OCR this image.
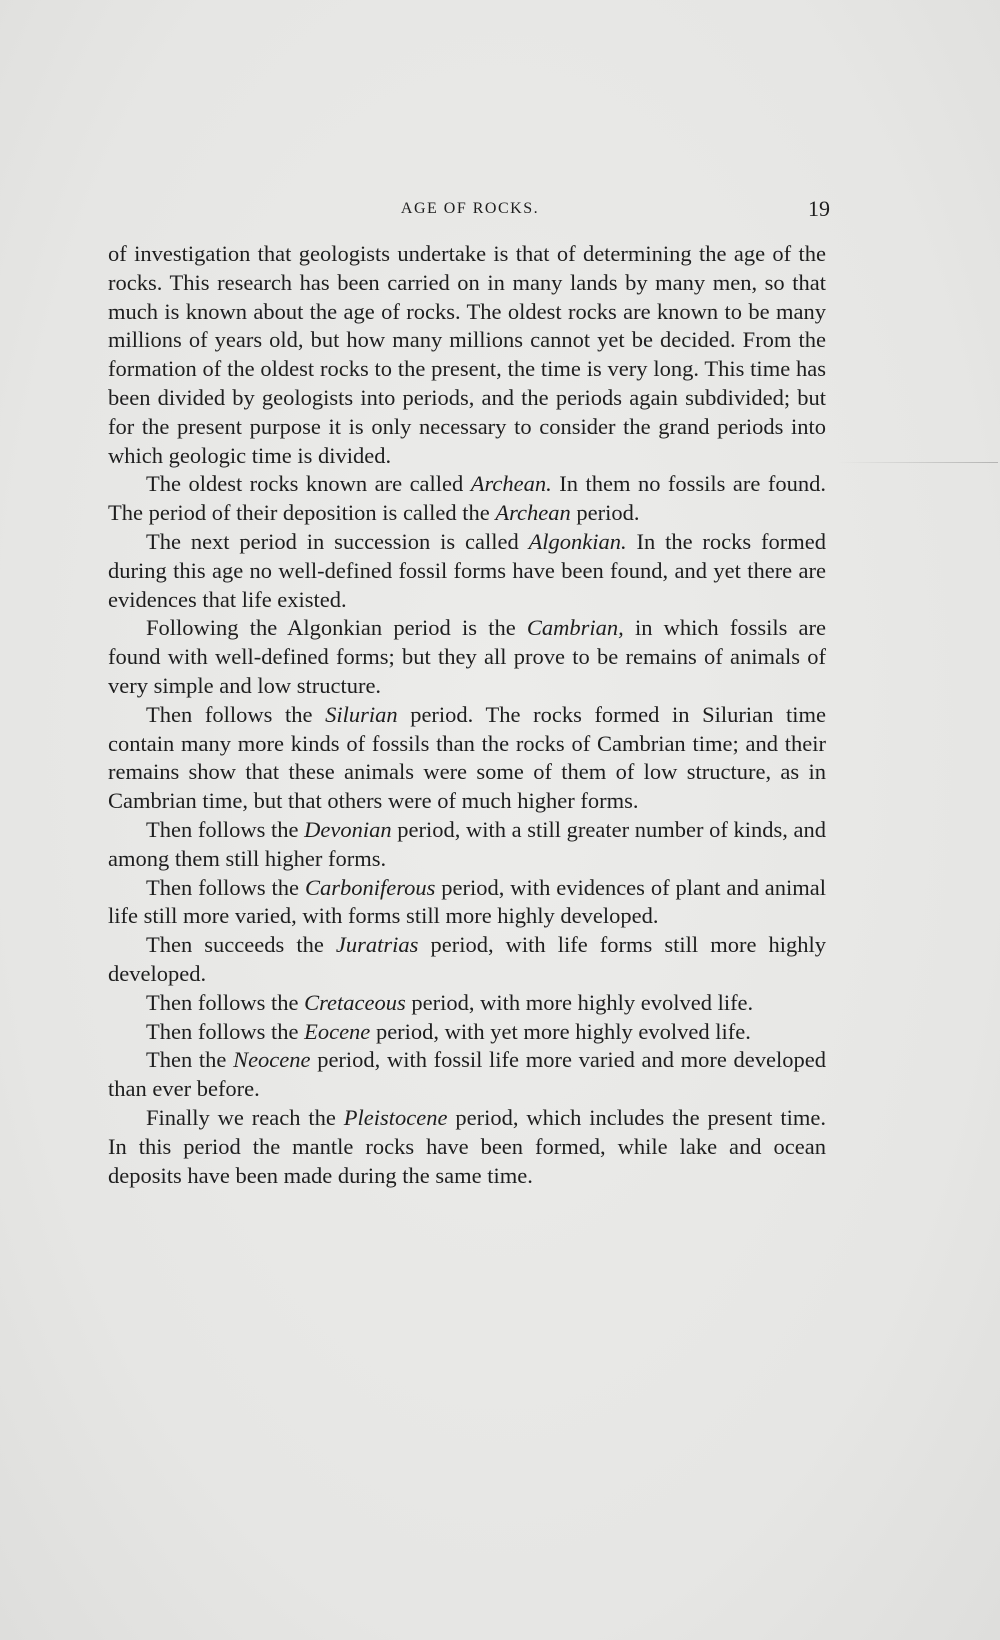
AGE OF ROCKS.	19

of investigation that geologists undertake is that of determining the age of the rocks. This research has been carried on in many lands by many men, so that much is known about the age of rocks. The oldest rocks are known to be many millions of years old, but how many millions cannot yet be decided. From the formation of the oldest rocks to the present, the time is very long. This time has been divided by geologists into periods, and the periods again subdivided; but for the present purpose it is only necessary to consider the grand periods into which geologic time is divided.

The oldest rocks known are called Archean. In them no fossils are found. The period of their deposition is called the Archean period.

The next period in succession is called Algonkian. In the rocks formed during this age no well-defined fossil forms have been found, and yet there are evidences that life existed.

Following the Algonkian period is the Cambrian, in which fossils are found with well-defined forms; but they all prove to be remains of animals of very simple and low structure.

Then follows the Silurian period. The rocks formed in Silurian time contain many more kinds of fossils than the rocks of Cambrian time; and their remains show that these animals were some of them of low structure, as in Cambrian time, but that others were of much higher forms.

Then follows the Devonian period, with a still greater number of kinds, and among them still higher forms.

Then follows the Carboniferous period, with evidences of plant and animal life still more varied, with forms still more highly developed.

Then succeeds the Juratrias period, with life forms still more highly developed.

Then follows the Cretaceous period, with more highly evolved life.

Then follows the Eocene period, with yet more highly evolved life.

Then the Neocene period, with fossil life more varied and more developed than ever before.

Finally we reach the Pleistocene period, which includes the present time. In this period the mantle rocks have been formed, while lake and ocean deposits have been made during the same time.
